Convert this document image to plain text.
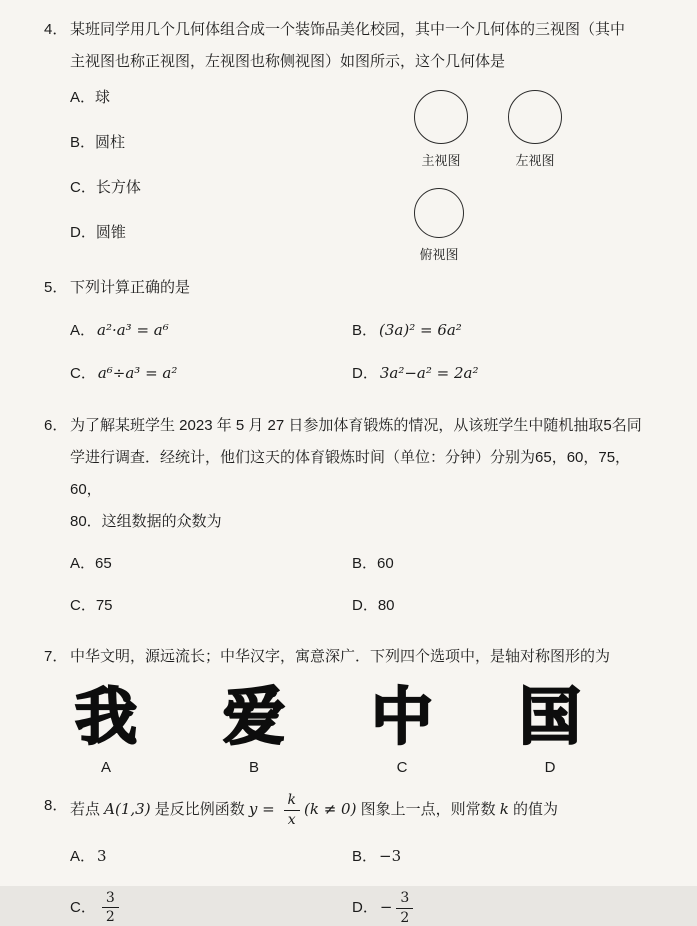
4． 某班同学用几个几何体组合成一个装饰品美化校园，其中一个几何体的三视图（其中
主视图也称正视图，左视图也称侧视图）如图所示，这个几何体是
A．球
B．圆柱
C．长方体
D．圆锥
主视图	左视图
俯视图
5． 下列计算正确的是
A． a²·a³ = a⁶	B． (3a)² = 6a²
C． a⁶÷a³ = a²	D． 3a²−a² = 2a²
6． 为了解某班学生 2023 年 5 月 27 日参加体育锻炼的情况，从该班学生中随机抽取5名同
学进行调查．经统计，他们这天的体育锻炼时间（单位：分钟）分别为65，60，75，60，
80．这组数据的众数为
A．65	B．60
C．75	D．80
7． 中华文明，源远流长；中华汉字，寓意深广．下列四个选项中，是轴对称图形的为
我
A
爱
B
中
C
国
D
8． 若点 A(1,3) 是反比例函数 $y = \frac{k}{x} (k \ne 0)$ 图象上一点，则常数 k 的值为
A． 3	B． −3
C． $\frac{3}{2}$	D． − $\frac{3}{2}$
